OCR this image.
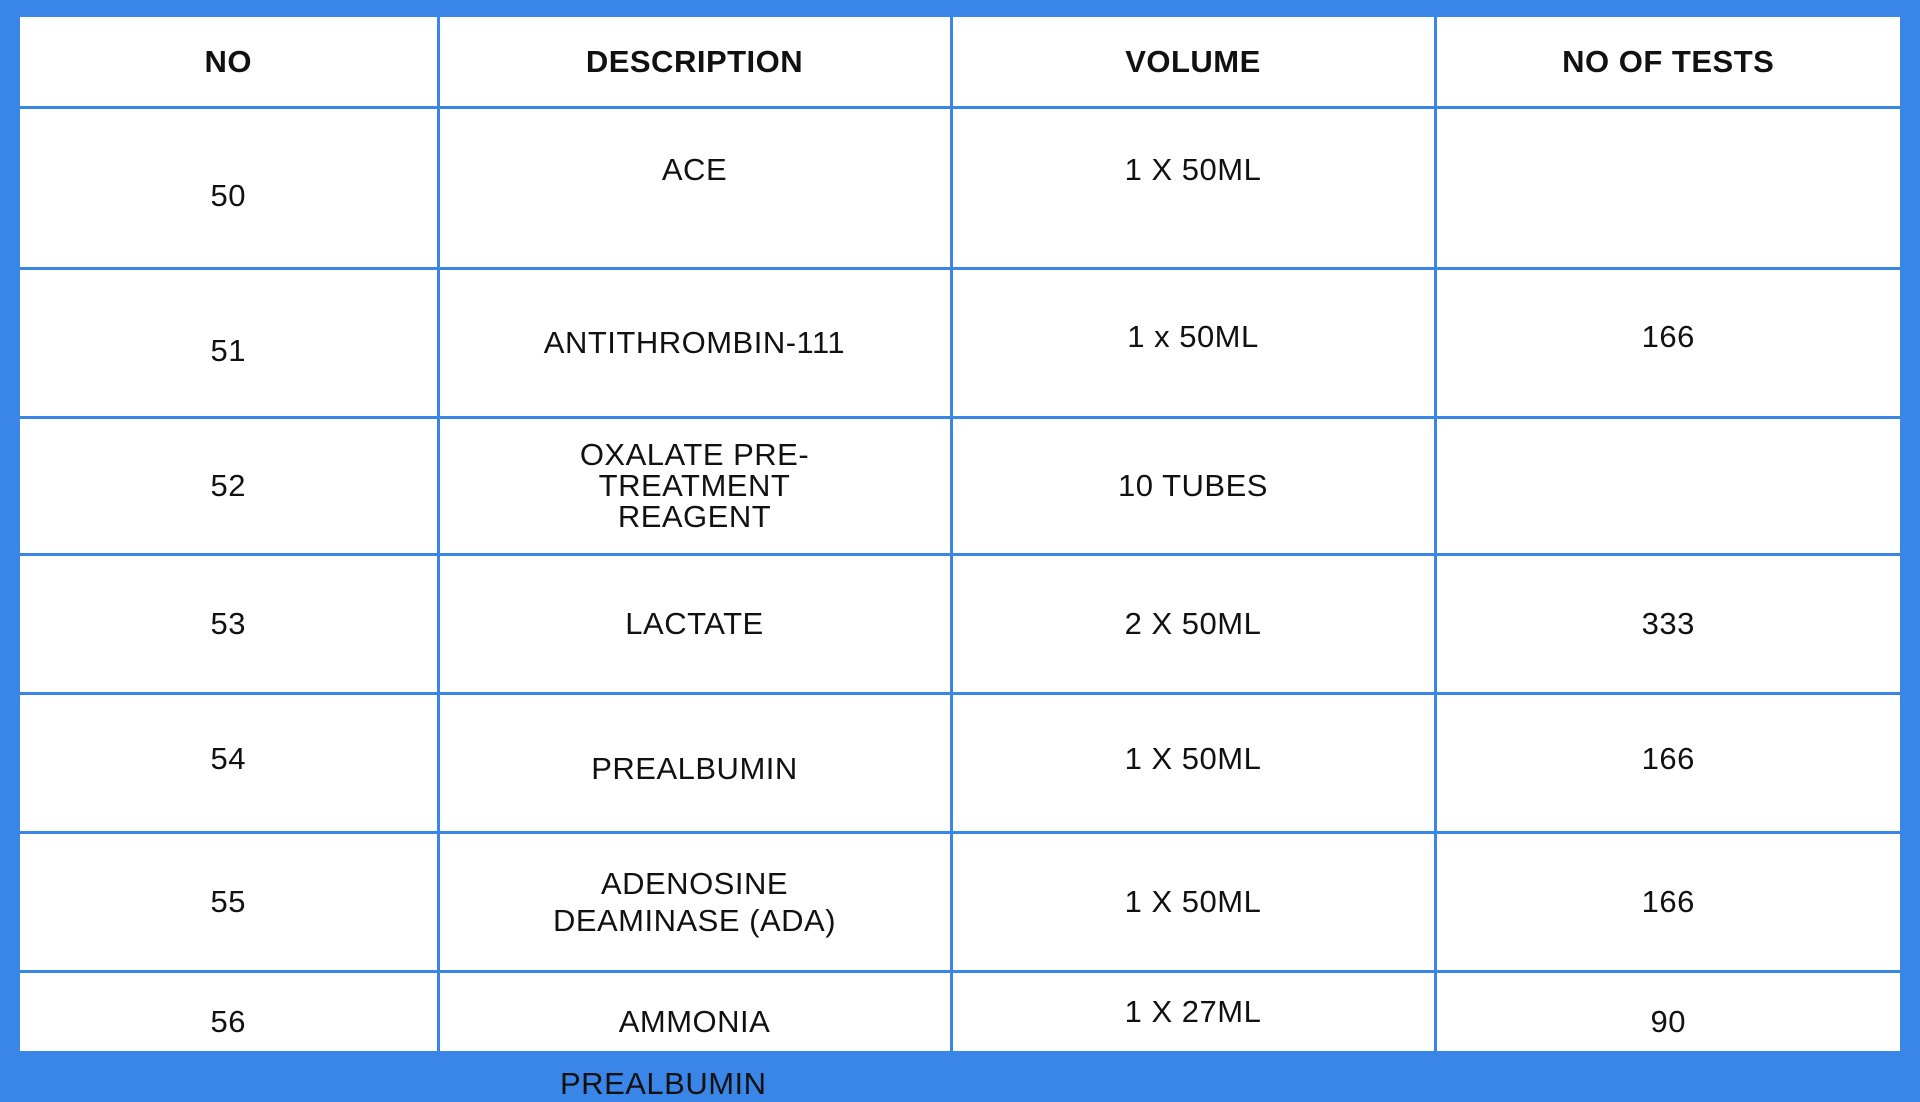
NO	DESCRIPTION	VOLUME	NO OF TESTS
50	ACE	1 X 50ML	
51	ANTITHROMBIN-111	1 x 50ML	166
52	OXALATE PRE-
TREATMENT
REAGENT	10 TUBES	
53	LACTATE	2 X 50ML	333
54	PREALBUMIN	1 X 50ML	166
55	ADENOSINE
DEAMINASE (ADA)	1 X 50ML	166
56	AMMONIA	1 X 27ML	90
PREALBUMIN
